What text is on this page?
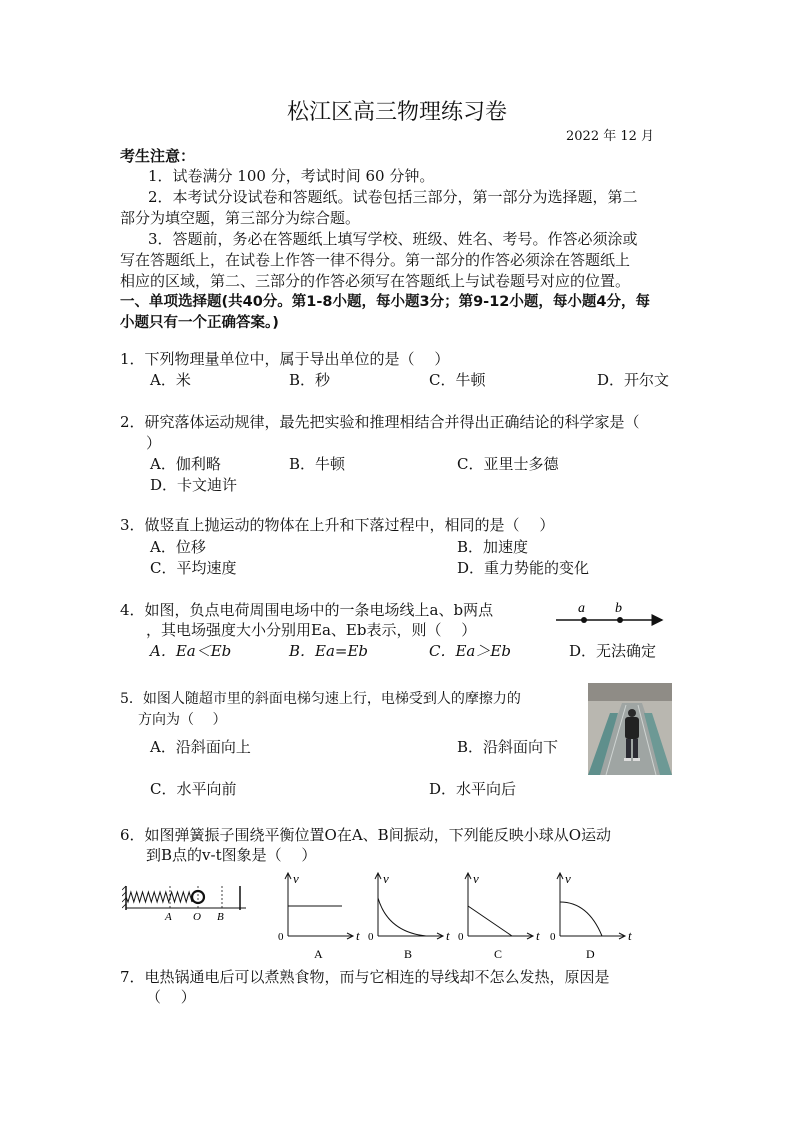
松江区高三物理练习卷
2022 年 12 月
考生注意：
1．试卷满分 100 分，考试时间 60 分钟。
2．本考试分设试卷和答题纸。试卷包括三部分，第一部分为选择题，第二
部分为填空题，第三部分为综合题。
3．答题前，务必在答题纸上填写学校、班级、姓名、考号。作答必须涂或
写在答题纸上，在试卷上作答一律不得分。第一部分的作答必须涂在答题纸上
相应的区域，第二、三部分的作答必须写在答题纸上与试卷题号对应的位置。
一、单项选择题(共40分。第1-8小题，每小题3分；第9-12小题，每小题4分，每
小题只有一个正确答案。)
1．下列物理量单位中，属于导出单位的是（　 ）
A．米	B．秒	C．牛顿	D．开尔文
2．研究落体运动规律，最先把实验和推理相结合并得出正确结论的科学家是（
）
A．伽利略	B．牛顿	C．亚里士多德
D．卡文迪许
3．做竖直上抛运动的物体在上升和下落过程中，相同的是（　 ）
A．位移	B．加速度
C．平均速度	D．重力势能的变化
4．如图，负点电荷周围电场中的一条电场线上a、b两点
，其电场强度大小分别用Ea、Eb表示，则（　 ）
A．Ea＜Eb	B．Ea=Eb	C．Ea＞Eb	D．无法确定
a b
5．如图人随超市里的斜面电梯匀速上行，电梯受到人的摩擦力的
方向为（　 ）
A．沿斜面向上	B．沿斜面向下
C．水平向前	D．水平向后
6．如图弹簧振子围绕平衡位置O在A、B间振动，下列能反映小球从O运动
到B点的v-t图象是（　 ）
A O B
v
t
0
A
v
t
0
B
v
t
0
C
v
t
0
D
7．电热锅通电后可以煮熟食物，而与它相连的导线却不怎么发热，原因是
（　 ）
